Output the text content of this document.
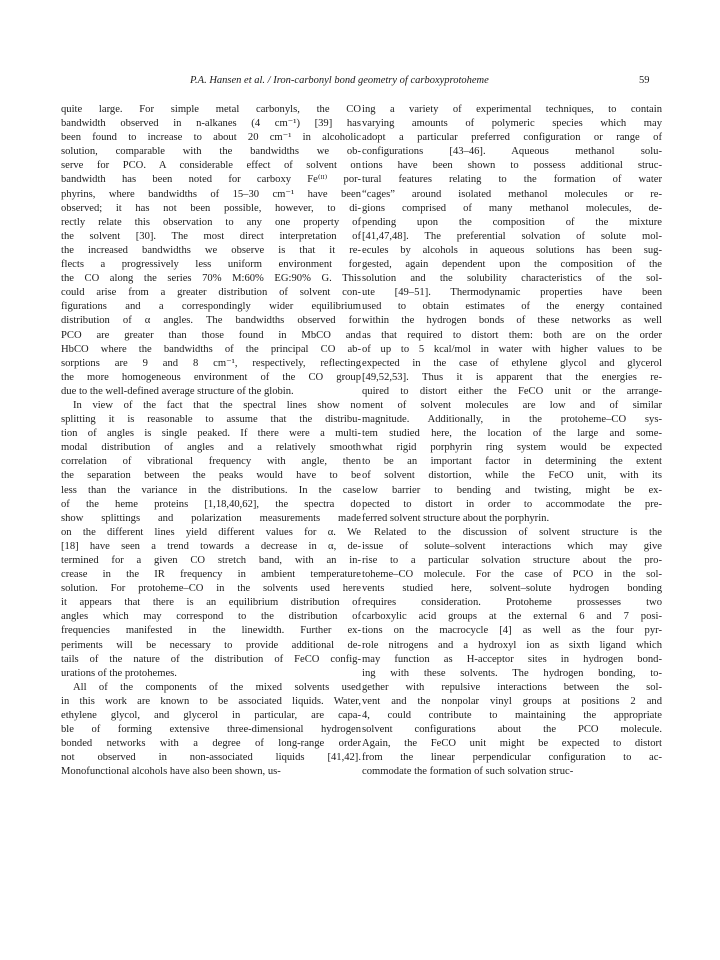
P.A. Hansen et al. / Iron-carbonyl bond geometry of carboxyprotoheme	59
quite large. For simple metal carbonyls, the CO
bandwidth observed in n-alkanes (4 cm⁻¹) [39] has
been found to increase to about 20 cm⁻¹ in alcoholic
solution, comparable with the bandwidths we ob-
serve for PCO. A considerable effect of solvent on
bandwidth has been noted for carboxy Fe⁽ᴵᴵ⁾ por-
phyrins, where bandwidths of 15–30 cm⁻¹ have been
observed; it has not been possible, however, to di-
rectly relate this observation to any one property of
the solvent [30]. The most direct interpretation of
the increased bandwidths we observe is that it re-
flects a progressively less uniform environment for
the CO along the series 70% M:60% EG:90% G. This
could arise from a greater distribution of solvent con-
figurations and a correspondingly wider equilibrium
distribution of α angles. The bandwidths observed for
PCO are greater than those found in MbCO and
HbCO where the bandwidths of the principal CO ab-
sorptions are 9 and 8 cm⁻¹, respectively, reflecting
the more homogeneous environment of the CO group
due to the well-defined average structure of the globin.
In view of the fact that the spectral lines show no
splitting it is reasonable to assume that the distribu-
tion of angles is single peaked. If there were a multi-
modal distribution of angles and a relatively smooth
correlation of vibrational frequency with angle, then
the separation between the peaks would have to be
less than the variance in the distributions. In the case
of the heme proteins [1,18,40,62], the spectra do
show splittings and polarization measurements made
on the different lines yield different values for α. We
[18] have seen a trend towards a decrease in α, de-
termined for a given CO stretch band, with an in-
crease in the IR frequency in ambient temperature
solution. For protoheme–CO in the solvents used here
it appears that there is an equilibrium distribution of
angles which may correspond to the distribution of
frequencies manifested in the linewidth. Further ex-
periments will be necessary to provide additional de-
tails of the nature of the distribution of FeCO config-
urations of the protohemes.
All of the components of the mixed solvents used
in this work are known to be associated liquids. Water,
ethylene glycol, and glycerol in particular, are capa-
ble of forming extensive three-dimensional hydrogen
bonded networks with a degree of long-range order
not observed in non-associated liquids [41,42].
Monofunctional alcohols have also been shown, us-
ing a variety of experimental techniques, to contain
varying amounts of polymeric species which may
adopt a particular preferred configuration or range of
configurations [43–46]. Aqueous methanol solu-
tions have been shown to possess additional struc-
tural features relating to the formation of water
“cages” around isolated methanol molecules or re-
gions comprised of many methanol molecules, de-
pending upon the composition of the mixture
[41,47,48]. The preferential solvation of solute mol-
ecules by alcohols in aqueous solutions has been sug-
gested, again dependent upon the composition of the
solution and the solubility characteristics of the sol-
ute [49–51]. Thermodynamic properties have been
used to obtain estimates of the energy contained
within the hydrogen bonds of these networks as well
as that required to distort them: both are on the order
of up to 5 kcal/mol in water with higher values to be
expected in the case of ethylene glycol and glycerol
[49,52,53]. Thus it is apparent that the energies re-
quired to distort either the FeCO unit or the arrange-
ment of solvent molecules are low and of similar
magnitude. Additionally, in the protoheme–CO sys-
tem studied here, the location of the large and some-
what rigid porphyrin ring system would be expected
to be an important factor in determining the extent
of solvent distortion, while the FeCO unit, with its
low barrier to bending and twisting, might be ex-
pected to distort in order to accommodate the pre-
ferred solvent structure about the porphyrin.
Related to the discussion of solvent structure is the
issue of solute–solvent interactions which may give
rise to a particular solvation structure about the pro-
toheme–CO molecule. For the case of PCO in the sol-
vents studied here, solvent–solute hydrogen bonding
requires consideration. Protoheme prossesses two
carboxylic acid groups at the external 6 and 7 posi-
tions on the macrocycle [4] as well as the four pyr-
role nitrogens and a hydroxyl ion as sixth ligand which
may function as H-acceptor sites in hydrogen bond-
ing with these solvents. The hydrogen bonding, to-
gether with repulsive interactions between the sol-
vent and the nonpolar vinyl groups at positions 2 and
4, could contribute to maintaining the appropriate
solvent configurations about the PCO molecule.
Again, the FeCO unit might be expected to distort
from the linear perpendicular configuration to ac-
commodate the formation of such solvation struc-
